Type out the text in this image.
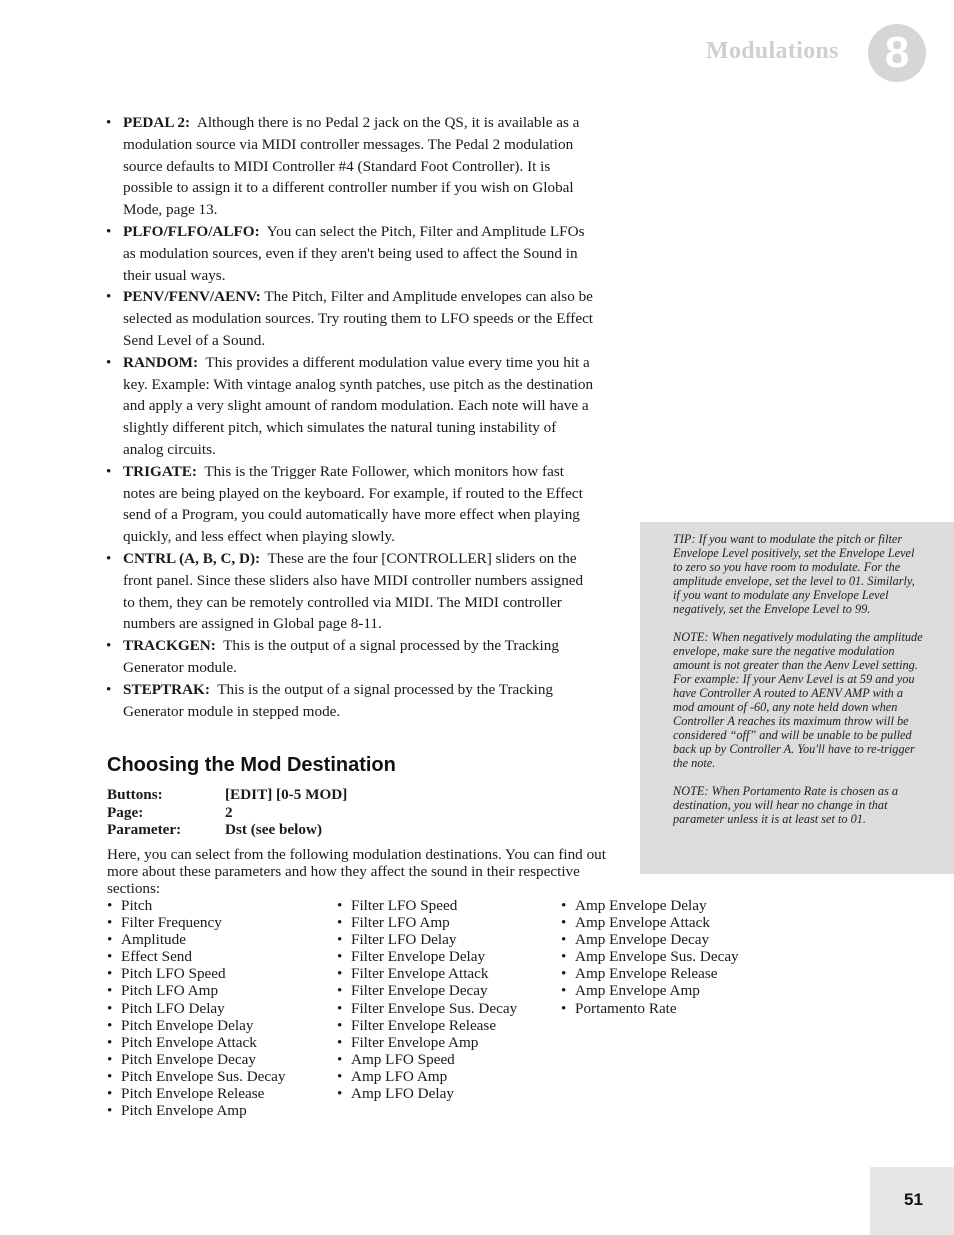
Modulations	8
• PEDAL 2: Although there is no Pedal 2 jack on the QS, it is available as a modulation source via MIDI controller messages. The Pedal 2 modulation source defaults to MIDI Controller #4 (Standard Foot Controller). It is possible to assign it to a different controller number if you wish on Global Mode, page 13.
• PLFO/FLFO/ALFO: You can select the Pitch, Filter and Amplitude LFOs as modulation sources, even if they aren't being used to affect the Sound in their usual ways.
• PENV/FENV/AENV: The Pitch, Filter and Amplitude envelopes can also be selected as modulation sources. Try routing them to LFO speeds or the Effect Send Level of a Sound.
• RANDOM: This provides a different modulation value every time you hit a key. Example: With vintage analog synth patches, use pitch as the destination and apply a very slight amount of random modulation. Each note will have a slightly different pitch, which simulates the natural tuning instability of analog circuits.
• TRIGATE: This is the Trigger Rate Follower, which monitors how fast notes are being played on the keyboard. For example, if routed to the Effect send of a Program, you could automatically have more effect when playing quickly, and less effect when playing slowly.
• CNTRL (A, B, C, D): These are the four [CONTROLLER] sliders on the front panel. Since these sliders also have MIDI controller numbers assigned to them, they can be remotely controlled via MIDI. The MIDI controller numbers are assigned in Global page 8-11.
• TRACKGEN: This is the output of a signal processed by the Tracking Generator module.
• STEPTRAK: This is the output of a signal processed by the Tracking Generator module in stepped mode.

TIP: If you want to modulate the pitch or filter Envelope Level positively, set the Envelope Level to zero so you have room to modulate. For the amplitude envelope, set the level to 01. Similarly, if you want to modulate any Envelope Level negatively, set the Envelope Level to 99.

NOTE: When negatively modulating the amplitude envelope, make sure the negative modulation amount is not greater than the Aenv Level setting. For example: If your Aenv Level is at 59 and you have Controller A routed to AENV AMP with a mod amount of -60, any note held down when Controller A reaches its maximum throw will be considered “off” and will be unable to be pulled back up by Controller A. You'll have to re-trigger the note.

NOTE: When Portamento Rate is chosen as a destination, you will hear no change in that parameter unless it is at least set to 01.

Choosing the Mod Destination
Buttons:	[EDIT] [0-5 MOD]
Page:	2
Parameter:	Dst (see below)

Here, you can select from the following modulation destinations. You can find out more about these parameters and how they affect the sound in their respective sections:

• Pitch
• Filter Frequency
• Amplitude
• Effect Send
• Pitch LFO Speed
• Pitch LFO Amp
• Pitch LFO Delay
• Pitch Envelope Delay
• Pitch Envelope Attack
• Pitch Envelope Decay
• Pitch Envelope Sus. Decay
• Pitch Envelope Release
• Pitch Envelope Amp
• Filter LFO Speed
• Filter LFO Amp
• Filter LFO Delay
• Filter Envelope Delay
• Filter Envelope Attack
• Filter Envelope Decay
• Filter Envelope Sus. Decay
• Filter Envelope Release
• Filter Envelope Amp
• Amp LFO Speed
• Amp LFO Amp
• Amp LFO Delay
• Amp Envelope Delay
• Amp Envelope Attack
• Amp Envelope Decay
• Amp Envelope Sus. Decay
• Amp Envelope Release
• Amp Envelope Amp
• Portamento Rate
51
